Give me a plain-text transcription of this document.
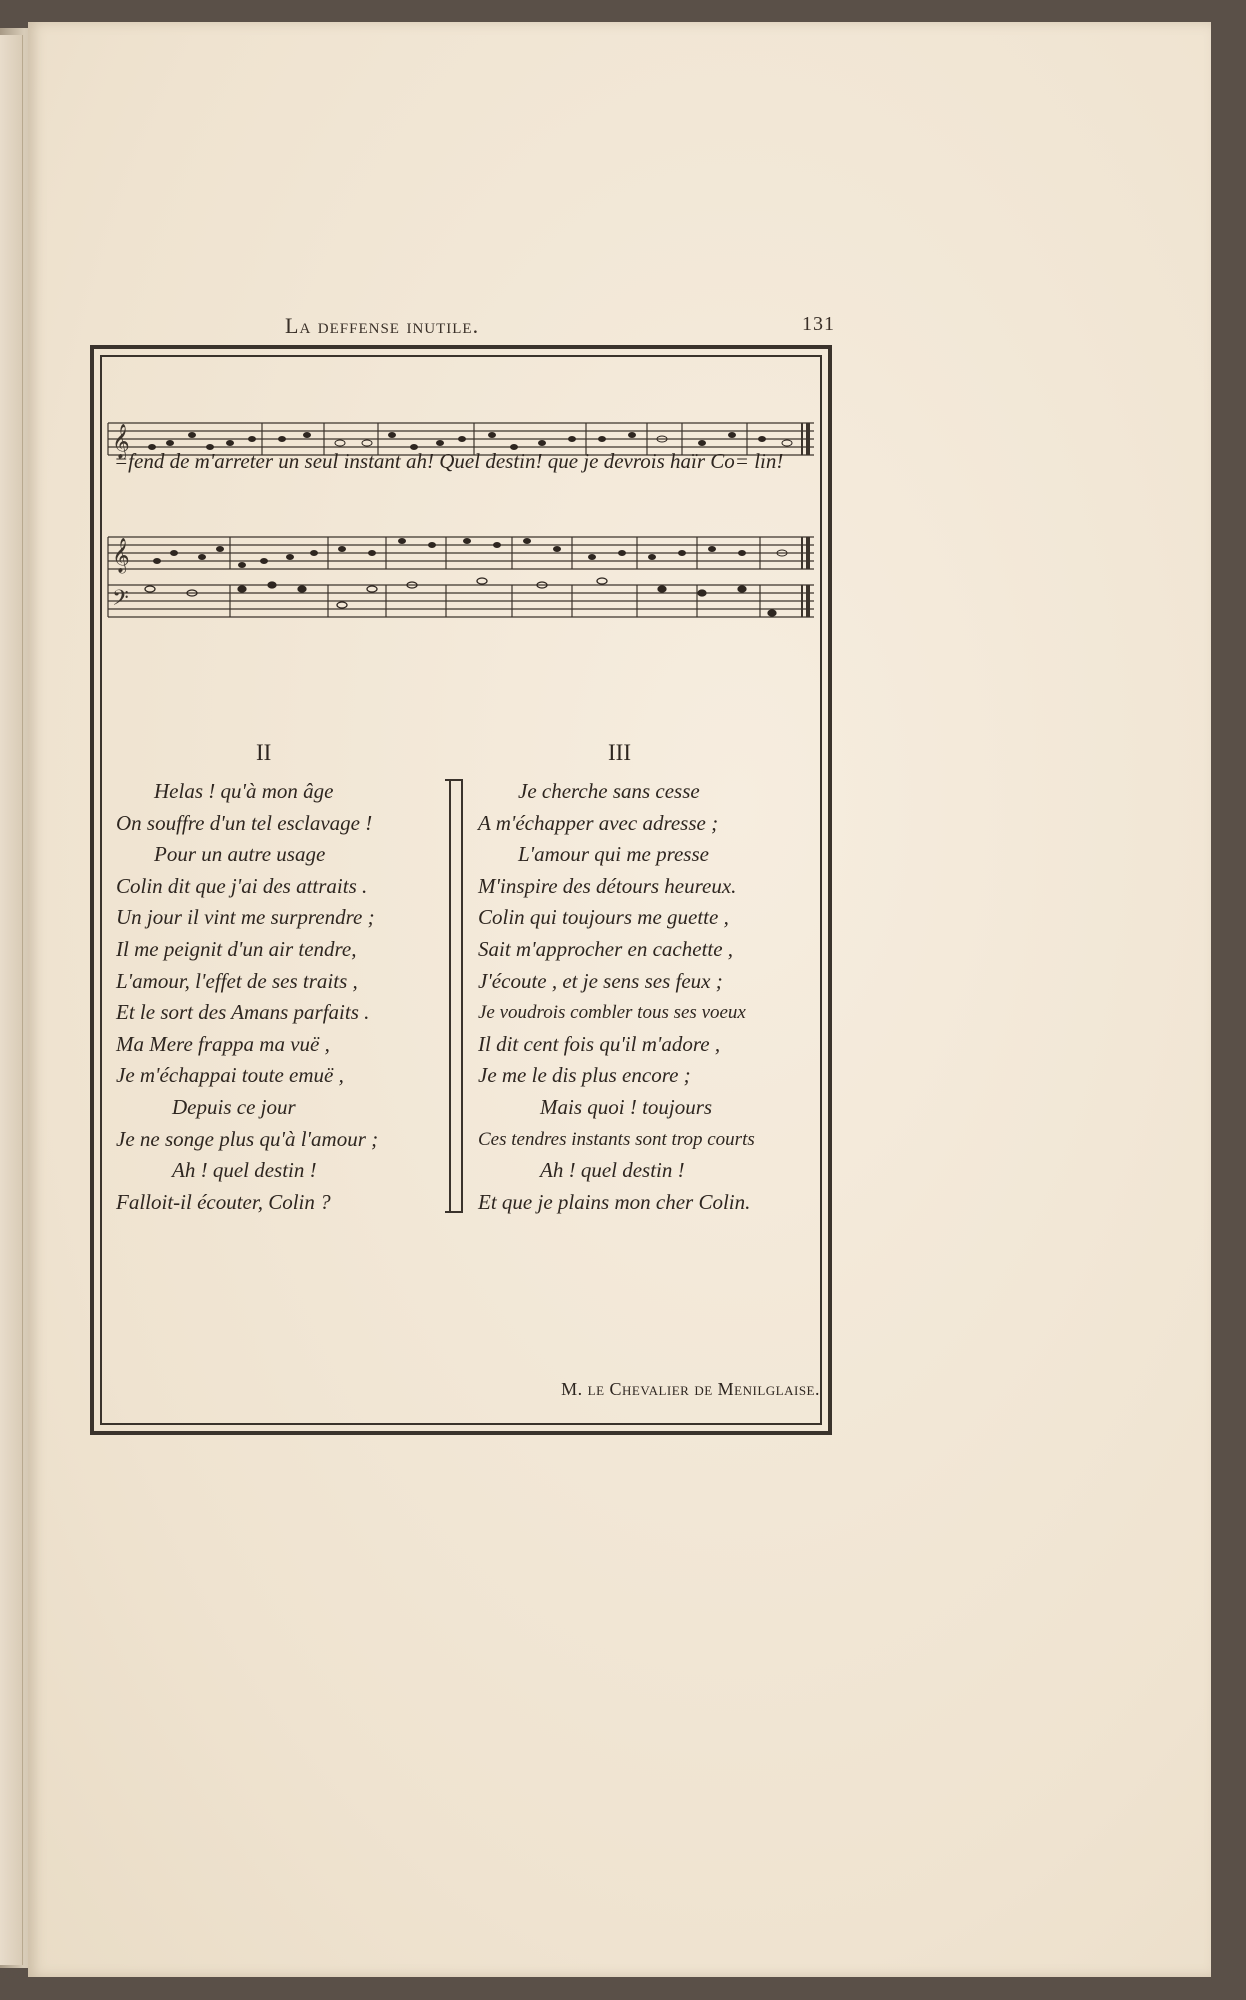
La deffense inutile.	131
𝄞
𝄞
𝄢
=fend de m'arreter un seul instant ah! Quel destin! que je devrois haïr Co= lin!
II
Helas ! qu'à mon âge
On souffre d'un tel esclavage !
Pour un autre usage
Colin dit que j'ai des attraits .
Un jour il vint me surprendre ;
Il me peignit d'un air tendre,
L'amour, l'effet de ses traits ,
Et le sort des Amans parfaits .
Ma Mere frappa ma vuë ,
Je m'échappai toute emuë ,
Depuis ce jour
Je ne songe plus qu'à l'amour ;
Ah ! quel destin !
Falloit-il écouter, Colin ?
III
Je cherche sans cesse
A m'échapper avec adresse ;
L'amour qui me presse
M'inspire des détours heureux.
Colin qui toujours me guette ,
Sait m'approcher en cachette ,
J'écoute , et je sens ses feux ;
Je voudrois combler tous ses voeux
Il dit cent fois qu'il m'adore ,
Je me le dis plus encore ;
Mais quoi ! toujours
Ces tendres instants sont trop courts
Ah ! quel destin !
Et que je plains mon cher Colin.
M. le Chevalier de Menilglaise.
